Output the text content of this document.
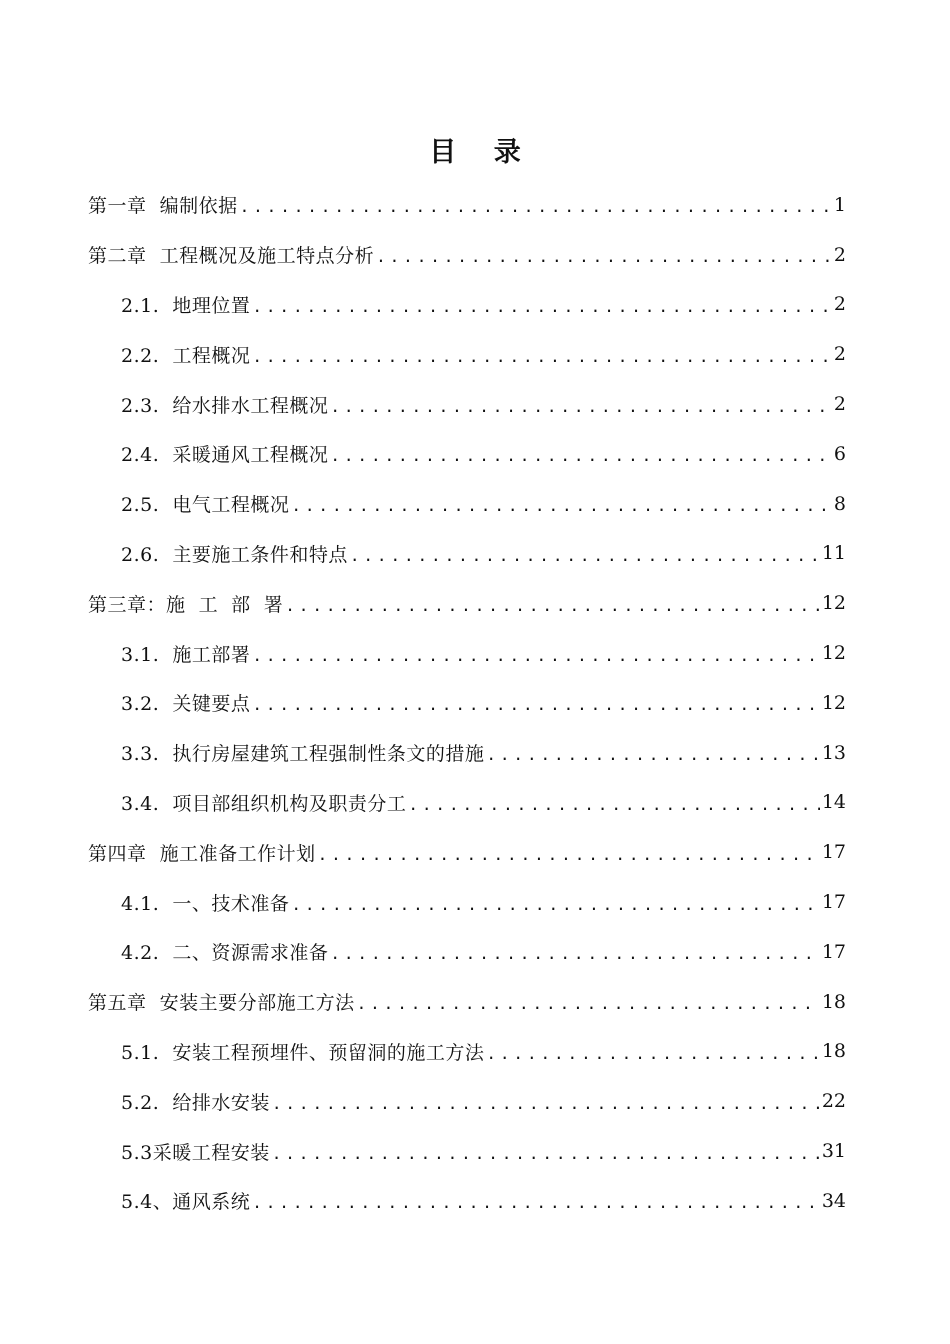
目 录
第一章  编制依据 .....	1
第二章  工程概况及施工特点分析 .....	2
2.1.  地理位置 .....	2
2.2.  工程概况 .....	2
2.3.  给水排水工程概况 .....	2
2.4.  采暖通风工程概况 .....	6
2.5.  电气工程概况 .....	8
2.6.  主要施工条件和特点 .....	11
第三章：施  工  部  署 .....	12
3.1.  施工部署 .....	12
3.2.  关键要点 .....	12
3.3.  执行房屋建筑工程强制性条文的措施 .....	13
3.4.  项目部组织机构及职责分工 .....	14
第四章  施工准备工作计划 .....	17
4.1.  一、技术准备 .....	17
4.2.  二、资源需求准备 .....	17
第五章  安装主要分部施工方法 .....	18
5.1.  安装工程预埋件、预留洞的施工方法 .....	18
5.2.  给排水安装 .....	22
5.3采暖工程安装 .....	31
5.4、通风系统 .....	34
